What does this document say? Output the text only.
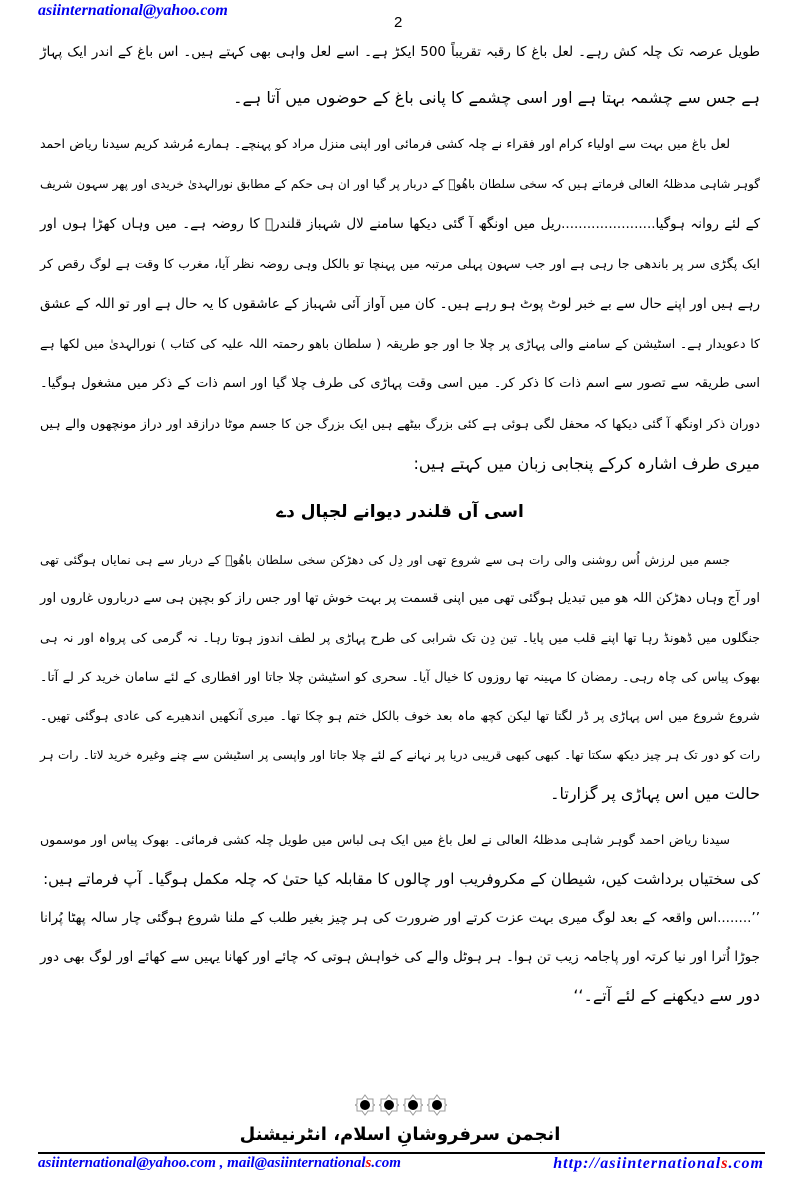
asiinternational@yahoo.com
2
طویل عرصہ تک چلہ کش رہے۔ لعل باغ کا رقبہ تقریباً 500 ایکڑ ہے۔ اسے لعل واہی بھی کہتے ہیں۔ اس باغ کے اندر ایک پہاڑ
ہے جس سے چشمہ بہتا ہے اور اسی چشمے کا پانی باغ کے حوضوں میں آتا ہے۔
لعل باغ میں بہت سے اولیاء کرام اور فقراء نے چلہ کشی فرمائی اور اپنی منزل مراد کو پہنچے۔ ہمارے مُرشد کریم سیدنا ریاض احمد
گوہر شاہی مدظلہُ العالی فرماتے ہیں کہ سخی سلطان باھُوؒ کے دربار پر گیا اور ان ہی حکم کے مطابق نورالہدیٰ خریدی اور پھر سہون شریف
کے لئے روانہ ہوگیا......................ریل میں اونگھ آ گئی دیکھا سامنے لال شہباز قلندرؒ کا روضہ ہے۔ میں وہاں کھڑا ہوں اور
ایک پگڑی سر پر باندھی جا رہی ہے اور جب سہون پہلی مرتبہ میں پہنچا تو بالکل وہی روضہ نظر آیا، مغرب کا وقت ہے لوگ رقص کر
رہے ہیں اور اپنے حال سے بے خبر لوٹ پوٹ ہو رہے ہیں۔ کان میں آواز آئی شہباز کے عاشقوں کا یہ حال ہے اور تو اللہ کے عشق
کا دعویدار ہے۔ اسٹیشن کے سامنے والی پہاڑی پر چلا جا اور جو طریقہ ( سلطان باھو رحمتہ اللہ علیہ کی کتاب ) نورالہدیٰ میں لکھا ہے
اسی طریقہ سے تصور سے اسم ذات کا ذکر کر۔ میں اسی وقت پہاڑی کی طرف چلا گیا اور اسم ذات کے ذکر میں مشغول ہوگیا۔
دوران ذکر اونگھ آ گئی دیکھا کہ محفل لگی ہوئی ہے کئی بزرگ بیٹھے ہیں ایک بزرگ جن کا جسم موٹا درازقد اور دراز مونچھوں والے ہیں
میری طرف اشارہ کرکے پنجابی زبان میں کہتے ہیں:
اسی آں قلندر دیوانے لجپال دے
جسم میں لرزش اُس روشنی والی رات ہی سے شروع تھی اور دِل کی دھڑکن سخی سلطان باھُوؒ کے دربار سے ہی نمایاں ہوگئی تھی
اور آج وہاں دھڑکن اللہ ھو میں تبدیل ہوگئی تھی میں اپنی قسمت پر بہت خوش تھا اور جس راز کو بچپن ہی سے درباروں غاروں اور
جنگلوں میں ڈھونڈ رہا تھا اپنے قلب میں پایا۔ تین دِن تک شرابی کی طرح پہاڑی پر لطف اندوز ہوتا رہا۔ نہ گرمی کی پرواہ اور نہ ہی
بھوک پیاس کی چاہ رہی۔ رمضان کا مہینہ تھا روزوں کا خیال آیا۔ سحری کو اسٹیشن چلا جاتا اور افطاری کے لئے سامان خرید کر لے آتا۔
شروع شروع میں اس پہاڑی پر ڈر لگتا تھا لیکن کچھ ماہ بعد خوف بالکل ختم ہو چکا تھا۔ میری آنکھیں اندھیرے کی عادی ہوگئی تھیں۔
رات کو دور تک ہر چیز دیکھ سکتا تھا۔ کبھی کبھی قریبی دریا پر نہانے کے لئے چلا جاتا اور واپسی پر اسٹیشن سے چنے وغیرہ خرید لاتا۔ رات ہر
حالت میں اس پہاڑی پر گزارتا۔
سیدنا ریاض احمد گوہر شاہی مدظلہُ العالی نے لعل باغ میں ایک ہی لباس میں طویل چلہ کشی فرمائی۔ بھوک پیاس اور موسموں
کی سختیاں برداشت کیں، شیطان کے مکروفریب اور چالوں کا مقابلہ کیا حتیٰ کہ چلہ مکمل ہوگیا۔ آپ فرماتے ہیں:
’’........اس واقعہ کے بعد لوگ میری بہت عزت کرتے اور ضرورت کی ہر چیز بغیر طلب کے ملنا شروع ہوگئی چار سالہ پھٹا پُرانا
جوڑا اُترا اور نیا کرتہ اور پاجامہ زیب تن ہوا۔ ہر ہوٹل والے کی خواہش ہوتی کہ چائے اور کھانا یہیں سے کھائے اور لوگ بھی دور
دور سے دیکھنے کے لئے آتے۔‘‘
انجمن سرفروشانِ اسلام، انٹرنیشنل
asiinternational@yahoo.com , mail@asiinternationals.com	http://asiinternationals.com
